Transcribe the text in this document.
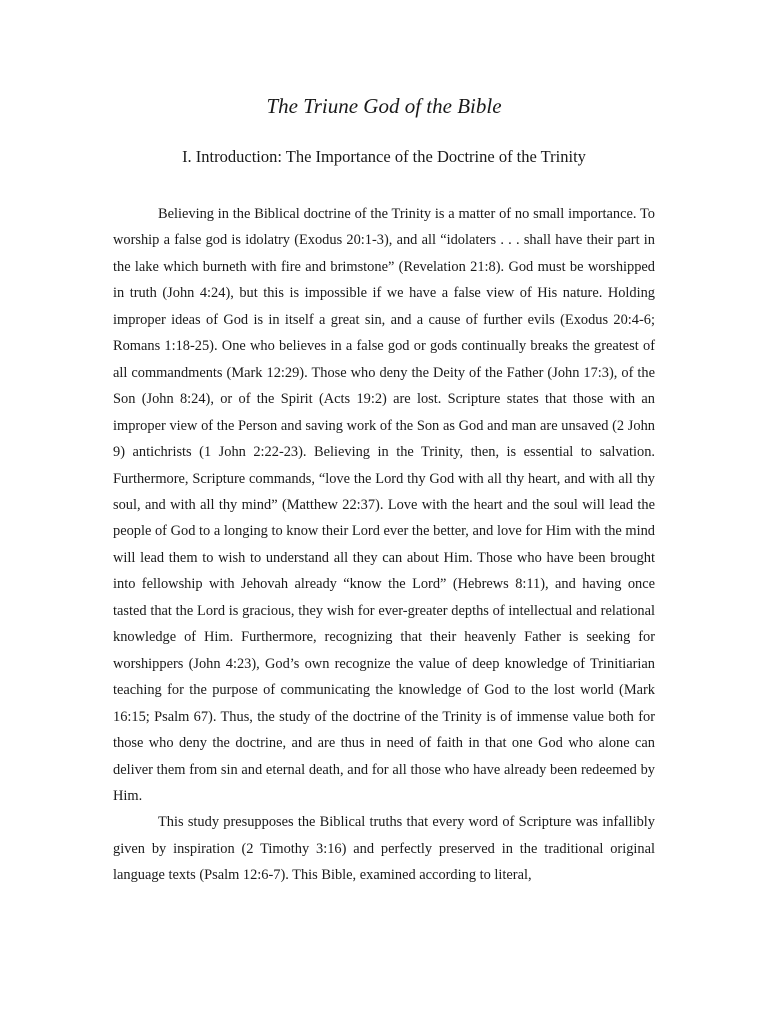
The Triune God of the Bible
I. Introduction: The Importance of the Doctrine of the Trinity

Believing in the Biblical doctrine of the Trinity is a matter of no small importance. To worship a false god is idolatry (Exodus 20:1-3), and all “idolaters . . . shall have their part in the lake which burneth with fire and brimstone” (Revelation 21:8). God must be worshipped in truth (John 4:24), but this is impossible if we have a false view of His nature. Holding improper ideas of God is in itself a great sin, and a cause of further evils (Exodus 20:4-6; Romans 1:18-25). One who believes in a false god or gods continually breaks the greatest of all commandments (Mark 12:29). Those who deny the Deity of the Father (John 17:3), of the Son (John 8:24), or of the Spirit (Acts 19:2) are lost. Scripture states that those with an improper view of the Person and saving work of the Son as God and man are unsaved (2 John 9) antichrists (1 John 2:22-23). Believing in the Trinity, then, is essential to salvation. Furthermore, Scripture commands, “love the Lord thy God with all thy heart, and with all thy soul, and with all thy mind” (Matthew 22:37). Love with the heart and the soul will lead the people of God to a longing to know their Lord ever the better, and love for Him with the mind will lead them to wish to understand all they can about Him. Those who have been brought into fellowship with Jehovah already “know the Lord” (Hebrews 8:11), and having once tasted that the Lord is gracious, they wish for ever-greater depths of intellectual and relational knowledge of Him. Furthermore, recognizing that their heavenly Father is seeking for worshippers (John 4:23), God’s own recognize the value of deep knowledge of Trinitiarian teaching for the purpose of communicating the knowledge of God to the lost world (Mark 16:15; Psalm 67). Thus, the study of the doctrine of the Trinity is of immense value both for those who deny the doctrine, and are thus in need of faith in that one God who alone can deliver them from sin and eternal death, and for all those who have already been redeemed by Him.

This study presupposes the Biblical truths that every word of Scripture was infallibly given by inspiration (2 Timothy 3:16) and perfectly preserved in the traditional original language texts (Psalm 12:6-7). This Bible, examined according to literal,
